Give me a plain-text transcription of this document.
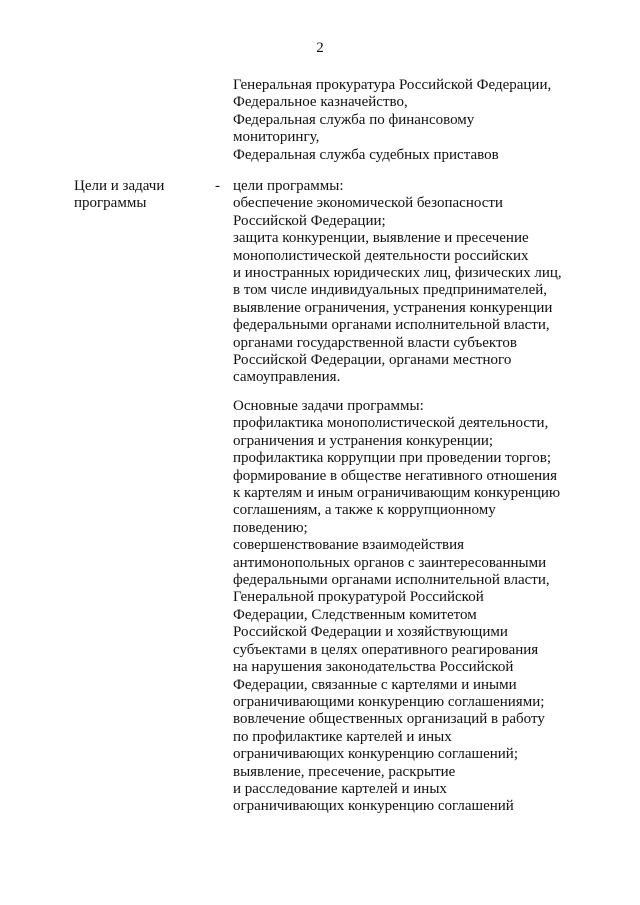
2
Генеральная прокуратура Российской Федерации,
Федеральное казначейство,
Федеральная служба по финансовому
мониторингу,
Федеральная служба судебных приставов
Цели и задачи
программы
- цели программы:
обеспечение экономической безопасности
Российской Федерации;
защита конкуренции, выявление и пресечение
монополистической деятельности российских
и иностранных юридических лиц, физических лиц,
в том числе индивидуальных предпринимателей,
выявление ограничения, устранения конкуренции
федеральными органами исполнительной власти,
органами государственной власти субъектов
Российской Федерации, органами местного
самоуправления.
Основные задачи программы:
профилактика монополистической деятельности,
ограничения и устранения конкуренции;
профилактика коррупции при проведении торгов;
формирование в обществе негативного отношения
к картелям и иным ограничивающим конкуренцию
соглашениям, а также к коррупционному
поведению;
совершенствование взаимодействия
антимонопольных органов с заинтересованными
федеральными органами исполнительной власти,
Генеральной прокуратурой Российской
Федерации, Следственным комитетом
Российской Федерации и хозяйствующими
субъектами в целях оперативного реагирования
на нарушения законодательства Российской
Федерации, связанные с картелями и иными
ограничивающими конкуренцию соглашениями;
вовлечение общественных организаций в работу
по профилактике картелей и иных
ограничивающих конкуренцию соглашений;
выявление, пресечение, раскрытие
и расследование картелей и иных
ограничивающих конкуренцию соглашений
